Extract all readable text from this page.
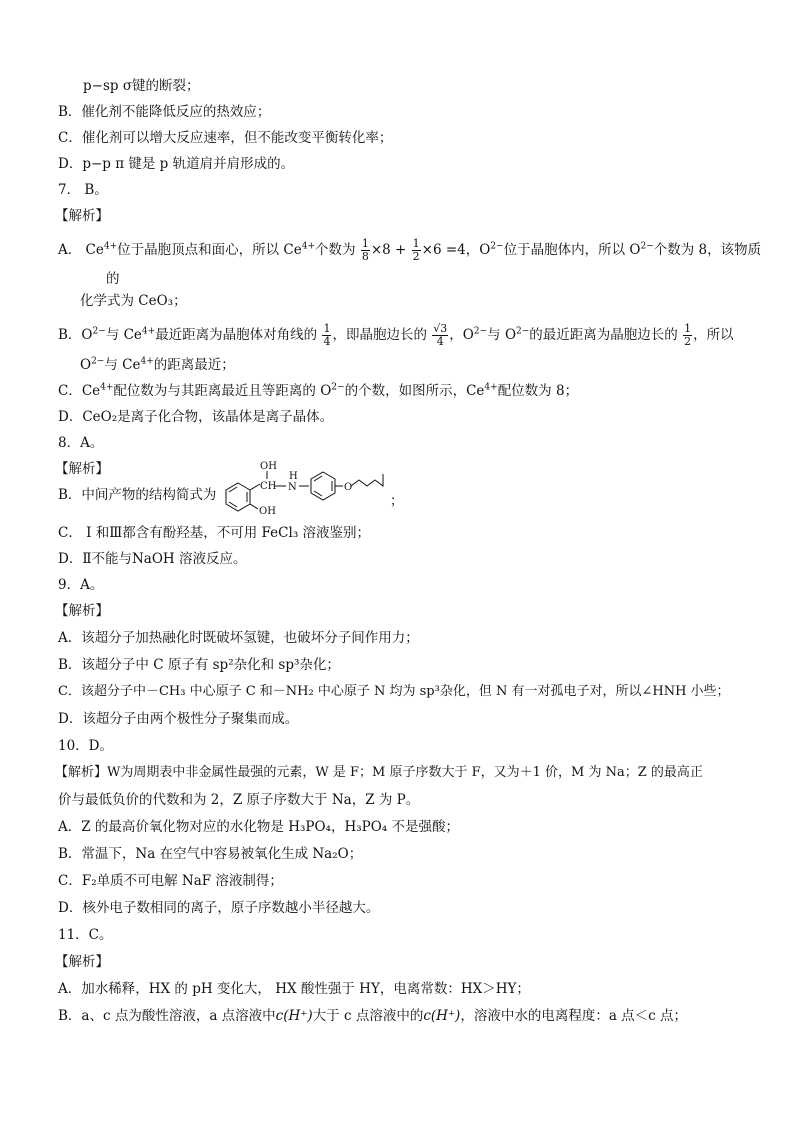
p−sp σ键的断裂；
B．催化剂不能降低反应的热效应；
C．催化剂可以增大反应速率，但不能改变平衡转化率；
D．p−p π 键是 p 轨道肩并肩形成的。
7． B。
【解析】
A． $Ce^{4+}$位于晶胞顶点和面心，所以 $Ce^{4+}$个数为 $\frac{1}{8} \times 8 + \frac{1}{2} \times 6 =4$，$O^{2-}$位于晶胞体内，所以 $O^{2-}$个数为 8，该物质
的
化学式为 CeO₃；
B．$O^{2-}$与 $Ce^{4+}$最近距离为晶胞体对角线的 $\frac{1}{4}$ ，即晶胞边长的 $\frac{√3}{4}$ ，$O^{2-}$与 $O^{2-}$的最近距离为晶胞边长的 $\frac{1}{2}$ ，所以
$O^{2-}$与 $Ce^{4+}$的距离最近；
C．$Ce^{4+}$配位数为与其距离最近且等距离的 $O^{2-}$的个数，如图所示，$Ce^{4+}$配位数为 8；
D．CeO₂是离子化合物，该晶体是离子晶体。
8．A。
【解析】
B．中间产物的结构简式为
OH
CH
H
N	O
OH
；
C． I 和Ⅲ都含有酚羟基，不可用 FeCl₃ 溶液鉴别；
D．Ⅱ不能与NaOH 溶液反应。
9．A。
【解析】
A．该超分子加热融化时既破坏氢键，也破坏分子间作用力；
B．该超分子中 C 原子有 sp²杂化和 sp³杂化；
C．该超分子中－CH₃ 中心原子 C 和－NH₂ 中心原子 N 均为 sp³杂化，但 N 有一对孤电子对，所以∠HNH 小些；
D．该超分子由两个极性分子聚集而成。
10．D。
【解析】W为周期表中非金属性最强的元素，W 是 F；M 原子序数大于 F，又为＋1 价，M 为 Na；Z 的最高正
价与最低负价的代数和为 2，Z 原子序数大于 Na，Z 为 P。
A．Z 的最高价氧化物对应的水化物是 H₃PO₄，H₃PO₄ 不是强酸；
B．常温下，Na 在空气中容易被氧化生成 Na₂O；
C．F₂单质不可电解 NaF 溶液制得；
D．核外电子数相同的离子，原子序数越小半径越大。
11．C。
【解析】
A．加水稀释，HX 的 pH 变化大， HX 酸性强于 HY，电离常数：HX＞HY；
B．a、c 点为酸性溶液，a 点溶液中c(H⁺)大于 c 点溶液中的c(H⁺)，溶液中水的电离程度：a 点＜c 点；
